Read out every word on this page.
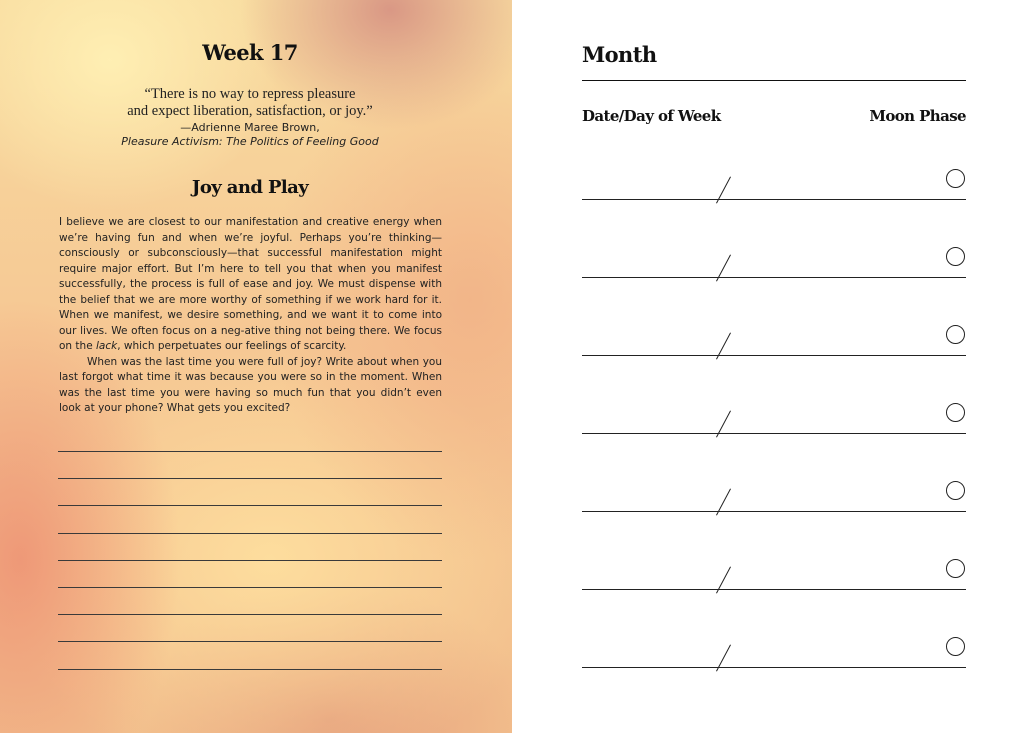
Week 17
“There is no way to repress pleasure
and expect liberation, satisfaction, or joy.”
—Adrienne Maree Brown,
Pleasure Activism: The Politics of Feeling Good
Joy and Play

I believe we are closest to our manifestation and creative energy when we’re having fun and when we’re joyful. Perhaps you’re thinking—consciously or subconsciously—that successful manifestation might require major effort. But I’m here to tell you that when you manifest successfully, the process is full of ease and joy. We must dispense with the belief that we are more worthy of something if we work hard for it. When we manifest, we desire something, and we want it to come into our lives. We often focus on a neg-ative thing not being there. We focus on the lack, which perpetuates our feelings of scarcity.

When was the last time you were full of joy? Write about when you last forgot what time it was because you were so in the moment. When was the last time you were having so much fun that you didn’t even look at your phone? What gets you excited?

Month
Date/Day of Week	Moon Phase
